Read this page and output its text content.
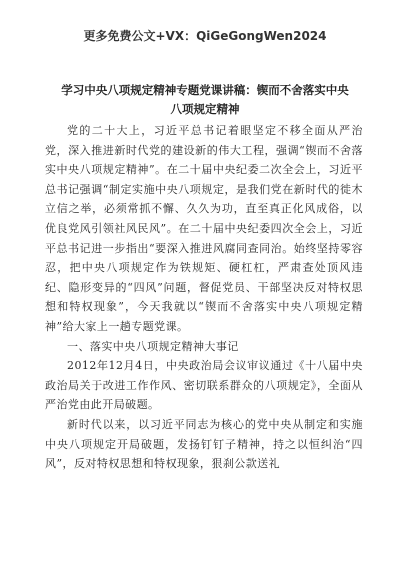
更多免费公文+VX：QiGeGongWen2024
学习中央八项规定精神专题党课讲稿：锲而不舍落实中央
八项规定精神

党的二十大上，习近平总书记着眼坚定不移全面从严治党，深入推进新时代党的建设新的伟大工程，强调“锲而不舍落实中央八项规定精神”。在二十届中央纪委二次全会上，习近平总书记强调“制定实施中央八项规定，是我们党在新时代的徙木立信之举，必须常抓不懈、久久为功，直至真正化风成俗，以优良党风引领社风民风”。在二十届中央纪委四次全会上，习近平总书记进一步指出“要深入推进风腐同查同治。始终坚持零容忍，把中央八项规定作为铁规矩、硬杠杠，严肃查处顶风违纪、隐形变异的“四风”问题，督促党员、干部坚决反对特权思想和特权现象”，今天我就以“锲而不舍落实中央八项规定精神”给大家上一趟专题党课。

一、落实中央八项规定精神大事记

2012年12月4日，中央政治局会议审议通过《十八届中央政治局关于改进工作作风、密切联系群众的八项规定》，全面从严治党由此开局破题。

新时代以来，以习近平同志为核心的党中央从制定和实施中央八项规定开局破题，发扬钉钉子精神，持之以恒纠治“四风”，反对特权思想和特权现象，狠刹公款送礼
